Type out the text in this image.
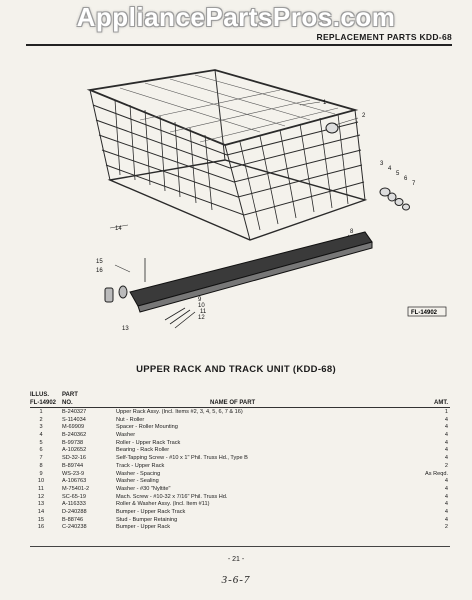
AppliancePartsPros.com
REPLACEMENT PARTS KDD-68
1
2
3
4
5
6
7
8
9
10
11
12
13
14
15
16
FL-14902
UPPER RACK AND TRACK UNIT (KDD-68)
ILLUS.
FL-14902
PART
NO.	NAME OF PART	AMT.
1	B-240327	Upper Rack Assy. (Incl. Items #2, 3, 4, 5, 6, 7 & 16)	1
2	S-114034	Nut - Roller	4
3	M-69909	Spacer - Roller Mounting	4
4	B-240362	Washer	4
5	B-99738	Roller - Upper Rack Track	4
6	A-102652	Bearing - Rack Roller	4
7	SD-32-16	Self-Tapping Screw - #10 x 1" Phil. Truss Hd., Type B	4
8	B-89744	Track - Upper Rack	2
9	WS-23-9	Washer - Spacing	As Reqd.
10	A-106763	Washer - Sealing	4
11	M-75401-2	Washer - #30 "Nyltite"	4
12	SC-65-19	Mach. Screw - #10-32 x 7/16" Phil. Truss Hd.	4
13	A-116333	Roller & Washer Assy. (Incl. Item #11)	4
14	D-240288	Bumper - Upper Rack Track	4
15	B-88746	Stud - Bumper Retaining	4
16	C-240238	Bumper - Upper Rack	2
- 21 -
3-6-7
